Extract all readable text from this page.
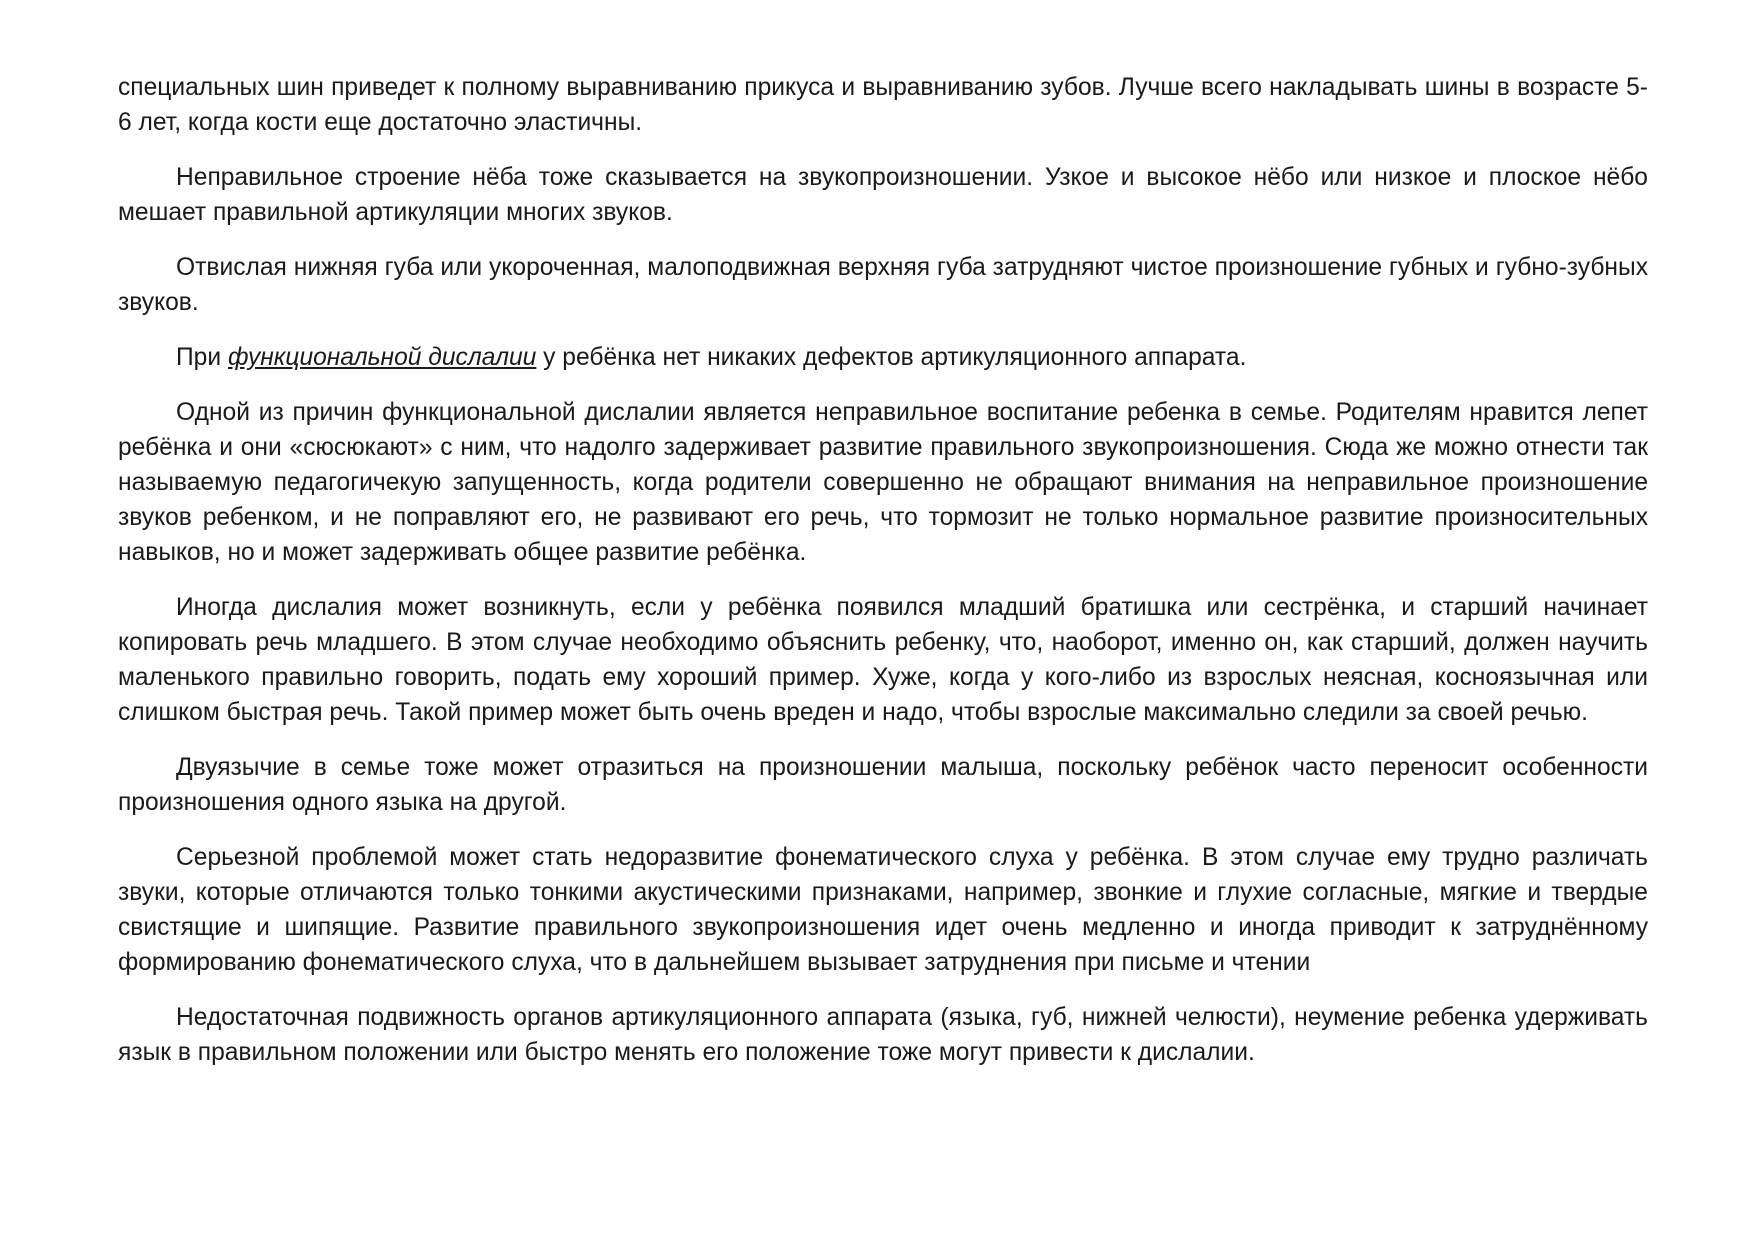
специальных шин приведет к полному выравниванию прикуса и выравниванию зубов. Лучше всего накладывать шины в возрасте 5-6 лет, когда кости еще достаточно эластичны.

Неправильное строение нёба тоже сказывается на звукопроизношении. Узкое и высокое нёбо или низкое и плоское нёбо мешает правильной артикуляции многих звуков.

Отвислая нижняя губа или укороченная, малоподвижная верхняя губа затрудняют чистое произношение губных и губно-зубных звуков.

При функциональной дислалии у ребёнка нет никаких дефектов артикуляционного аппарата.

Одной из причин функциональной дислалии является неправильное воспитание ребенка в семье. Родителям нравится лепет ребёнка и они «сюсюкают» с ним, что надолго задерживает развитие правильного звукопроизношения. Сюда же можно отнести так называемую педагогичекую запущенность, когда родители совершенно не обращают внимания на неправильное произношение звуков ребенком, и не поправляют его, не развивают его речь, что тормозит не только нормальное развитие произносительных навыков, но и может задерживать общее развитие ребёнка.

Иногда дислалия может возникнуть, если у ребёнка появился младший братишка или сестрёнка, и старший начинает копировать речь младшего. В этом случае необходимо объяснить ребенку, что, наоборот, именно он, как старший, должен научить маленького правильно говорить, подать ему хороший пример. Хуже, когда у кого-либо из взрослых неясная, косноязычная или слишком быстрая речь. Такой пример может быть очень вреден и надо, чтобы взрослые максимально следили за своей речью.

Двуязычие в семье тоже может отразиться на произношении малыша, поскольку ребёнок часто переносит особенности произношения одного языка на другой.

Серьезной проблемой может стать недоразвитие фонематического слуха у ребёнка. В этом случае ему трудно различать звуки, которые отличаются только тонкими акустическими признаками, например, звонкие и глухие согласные, мягкие и твердые свистящие и шипящие. Развитие правильного звукопроизношения идет очень медленно и иногда приводит к затруднённому формированию фонематического слуха, что в дальнейшем вызывает затруднения при письме и чтении

Недостаточная подвижность органов артикуляционного аппарата (языка, губ, нижней челюсти), неумение ребенка удерживать язык в правильном положении или быстро менять его положение тоже могут привести к дислалии.
